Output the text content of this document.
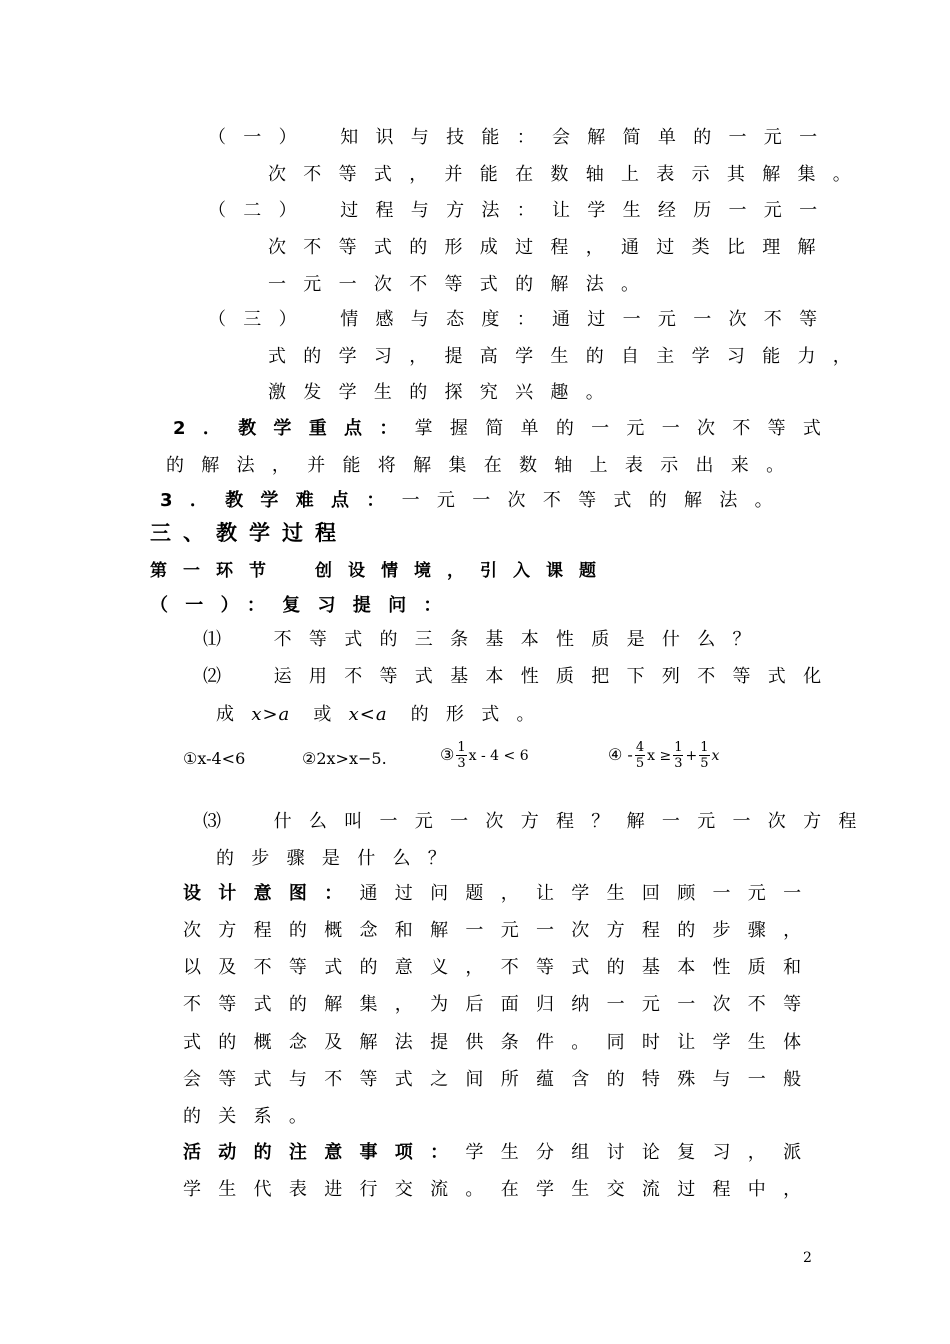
（一）　知识与技能：会解简单的一元一
次不等式，并能在数轴上表示其解集。
（二）　过程与方法：让学生经历一元一
次不等式的形成过程，通过类比理解
一元一次不等式的解法。
（三）　情感与态度：通过一元一次不等
式的学习，提高学生的自主学习能力，
激发学生的探究兴趣。
2．教学重点：掌握简单的一元一次不等式
的解法，并能将解集在数轴上表示出来。
3．教学难点：一元一次不等式的解法。
三、教学过程
第一环节　创设情境，引入课题
（一）：复习提问：
⑴　不等式的三条基本性质是什么？
⑵　运用不等式基本性质把下列不等式化
成x>a 或x<a 的形式。
①x-4<6	②2x>x−5.	③ $\frac{1}{3}$ x - 4 < 6	④ - $\frac{4}{5}$ $x \ge \frac{1}{3} + \frac{1}{5}$ x
⑶　什么叫一元一次方程？解一元一次方程
的步骤是什么？
设计意图：通过问题，让学生回顾一元一
次方程的概念和解一元一次方程的步骤，
以及不等式的意义，不等式的基本性质和
不等式的解集，为后面归纳一元一次不等
式的概念及解法提供条件。同时让学生体
会等式与不等式之间所蕴含的特殊与一般
的关系。
活动的注意事项：学生分组讨论复习，派
学生代表进行交流。在学生交流过程中，
2
